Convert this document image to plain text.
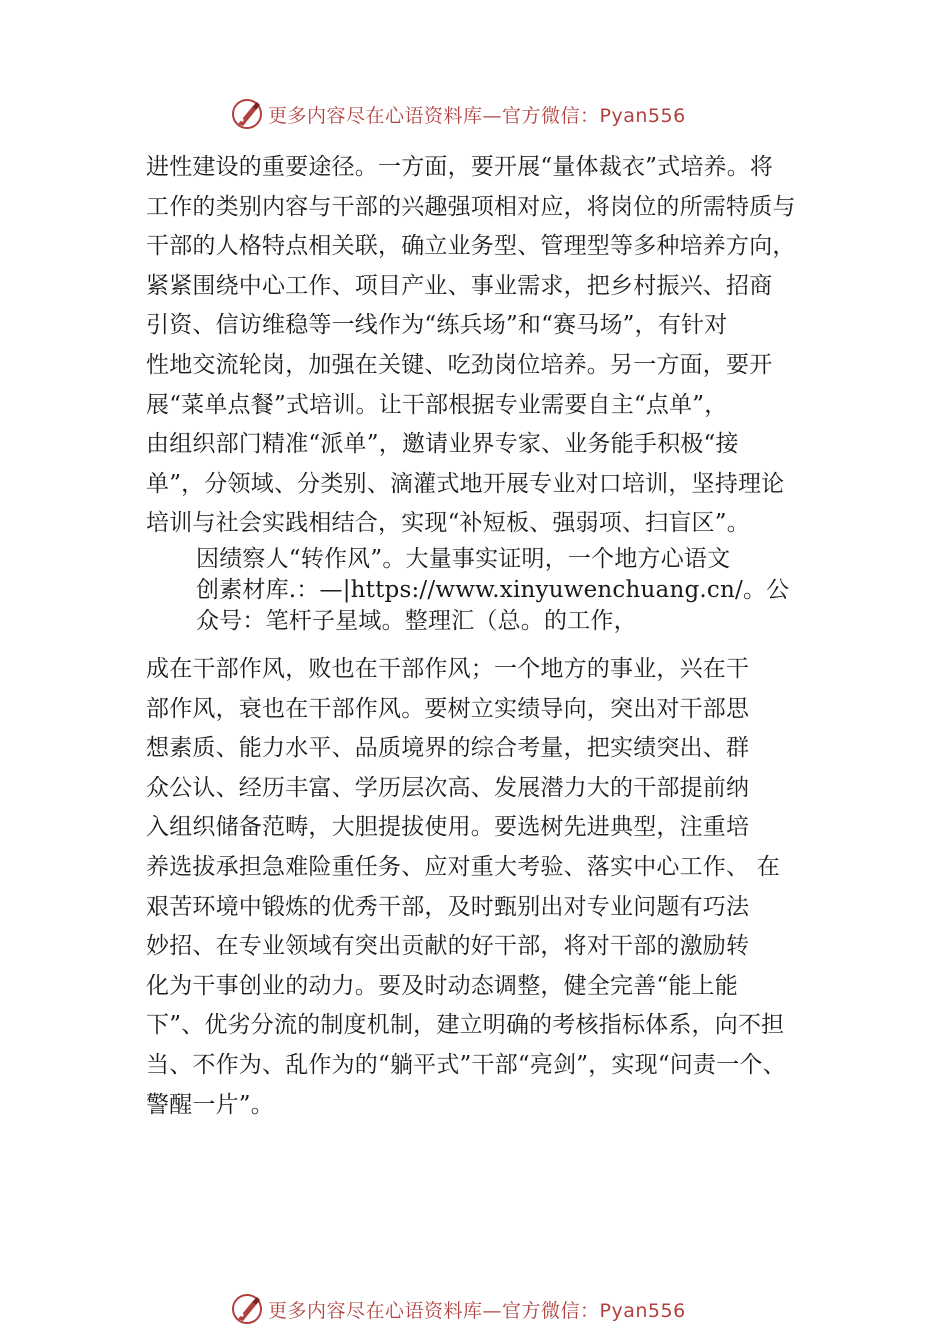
更多内容尽在心语资料库—官方微信：Pyan556
进性建设的重要途径。一方面，要开展“量体裁衣”式培养。将
工作的类别内容与干部的兴趣强项相对应，将岗位的所需特质与
干部的人格特点相关联，确立业务型、管理型等多种培养方向，
紧紧围绕中心工作、项目产业、事业需求，把乡村振兴、招商
引资、信访维稳等一线作为“练兵场”和“赛马场”，有针对
性地交流轮岗，加强在关键、吃劲岗位培养。另一方面，要开
展“菜单点餐”式培训。让干部根据专业需要自主“点单”，
由组织部门精准“派单”，邀请业界专家、业务能手积极“接
单”，分领域、分类别、滴灌式地开展专业对口培训，坚持理论
培训与社会实践相结合，实现“补短板、强弱项、扫盲区”。
因绩察人“转作风”。大量事实证明，一个地方心语文
创素材库.：—|https://www.xinyuwenchuang.cn/。公
众号：笔杆子星域。整理汇（总。的工作，
成在干部作风，败也在干部作风；一个地方的事业，兴在干
部作风，衰也在干部作风。要树立实绩导向，突出对干部思
想素质、能力水平、品质境界的综合考量，把实绩突出、群
众公认、经历丰富、学历层次高、发展潜力大的干部提前纳
入组织储备范畴，大胆提拔使用。要选树先进典型，注重培
养选拔承担急难险重任务、应对重大考验、落实中心工作、 在
艰苦环境中锻炼的优秀干部，及时甄别出对专业问题有巧法
妙招、在专业领域有突出贡献的好干部，将对干部的激励转
化为干事创业的动力。要及时动态调整，健全完善“能上能
下”、优劣分流的制度机制，建立明确的考核指标体系，向不担
当、不作为、乱作为的“躺平式”干部“亮剑”，实现“问责一个、
警醒一片”。
更多内容尽在心语资料库—官方微信：Pyan556
